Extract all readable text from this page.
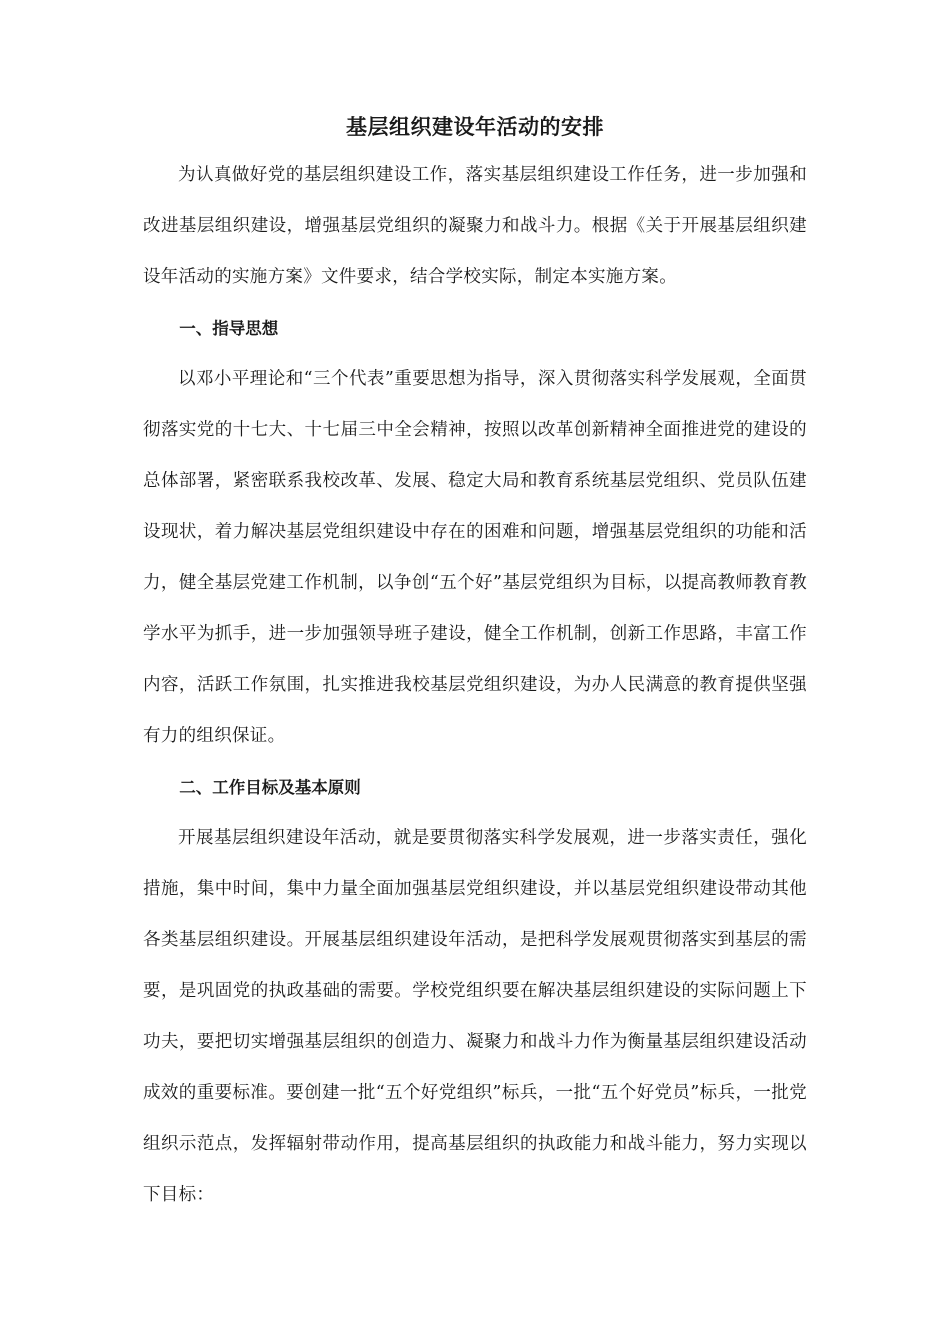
基层组织建设年活动的安排

为认真做好党的基层组织建设工作，落实基层组织建设工作任务，进一步加强和改进基层组织建设，增强基层党组织的凝聚力和战斗力。根据《关于开展基层组织建设年活动的实施方案》文件要求，结合学校实际，制定本实施方案。

一、指导思想

以邓小平理论和“三个代表”重要思想为指导，深入贯彻落实科学发展观，全面贯彻落实党的十七大、十七届三中全会精神，按照以改革创新精神全面推进党的建设的总体部署，紧密联系我校改革、发展、稳定大局和教育系统基层党组织、党员队伍建设现状，着力解决基层党组织建设中存在的困难和问题，增强基层党组织的功能和活力，健全基层党建工作机制，以争创“五个好”基层党组织为目标，以提高教师教育教学水平为抓手，进一步加强领导班子建设，健全工作机制，创新工作思路，丰富工作内容，活跃工作氛围，扎实推进我校基层党组织建设，为办人民满意的教育提供坚强有力的组织保证。

二、工作目标及基本原则

开展基层组织建设年活动，就是要贯彻落实科学发展观，进一步落实责任，强化措施，集中时间，集中力量全面加强基层党组织建设，并以基层党组织建设带动其他各类基层组织建设。开展基层组织建设年活动，是把科学发展观贯彻落实到基层的需要，是巩固党的执政基础的需要。学校党组织要在解决基层组织建设的实际问题上下功夫，要把切实增强基层组织的创造力、凝聚力和战斗力作为衡量基层组织建设活动成效的重要标准。要创建一批“五个好党组织”标兵，一批“五个好党员”标兵，一批党组织示范点，发挥辐射带动作用，提高基层组织的执政能力和战斗能力，努力实现以下目标：
